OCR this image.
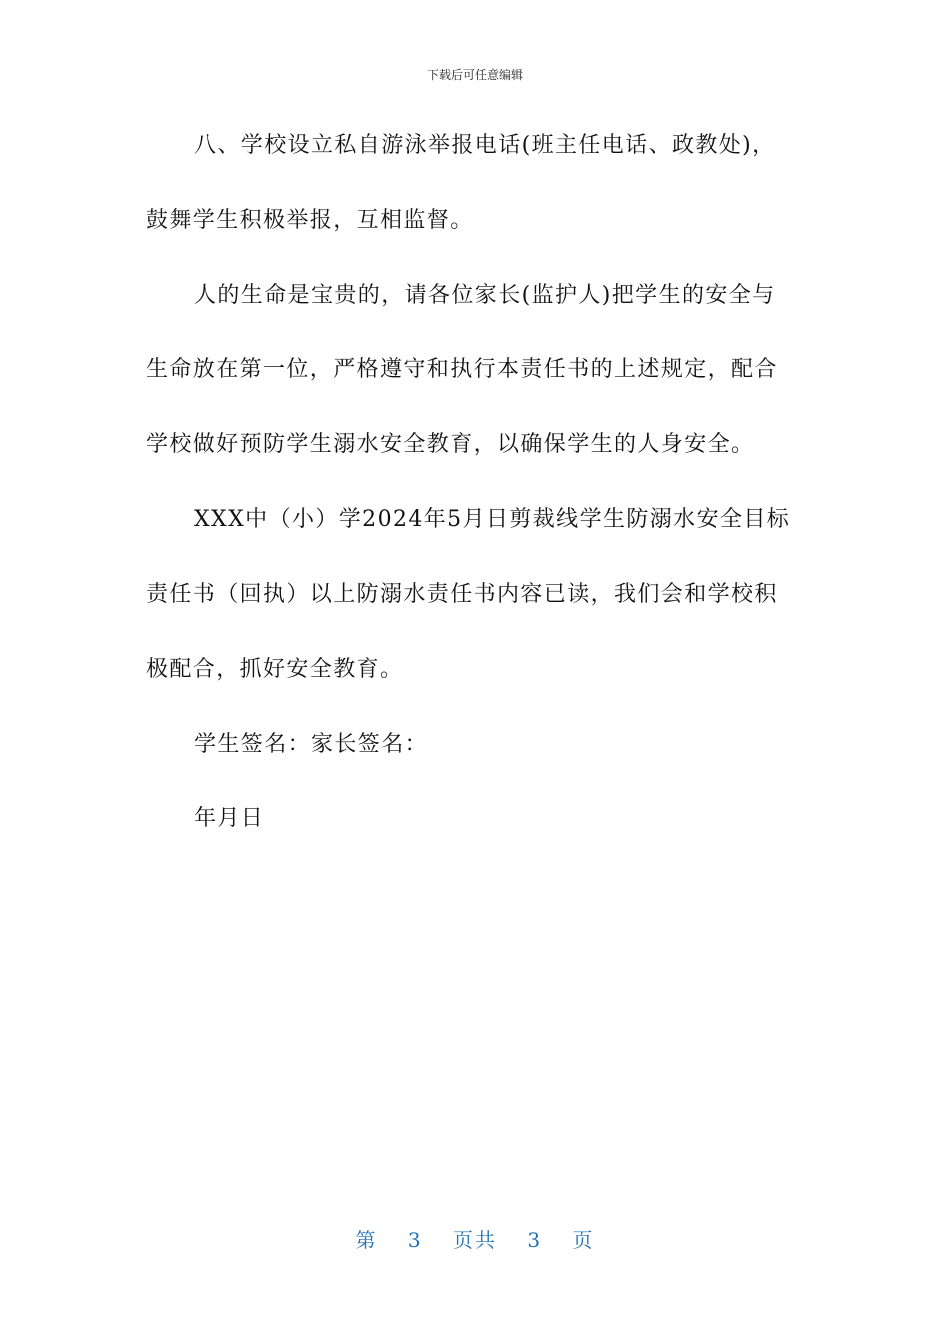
下载后可任意编辑
八、学校设立私自游泳举报电话(班主任电话、政教处)，
鼓舞学生积极举报，互相监督。
人的生命是宝贵的，请各位家长(监护人)把学生的安全与
生命放在第一位，严格遵守和执行本责任书的上述规定，配合
学校做好预防学生溺水安全教育，以确保学生的人身安全。
XXX中（小）学2024年5月日剪裁线学生防溺水安全目标
责任书（回执）以上防溺水责任书内容已读，我们会和学校积
极配合，抓好安全教育。
学生签名：家长签名：
年月日
第 3 页共 3 页
